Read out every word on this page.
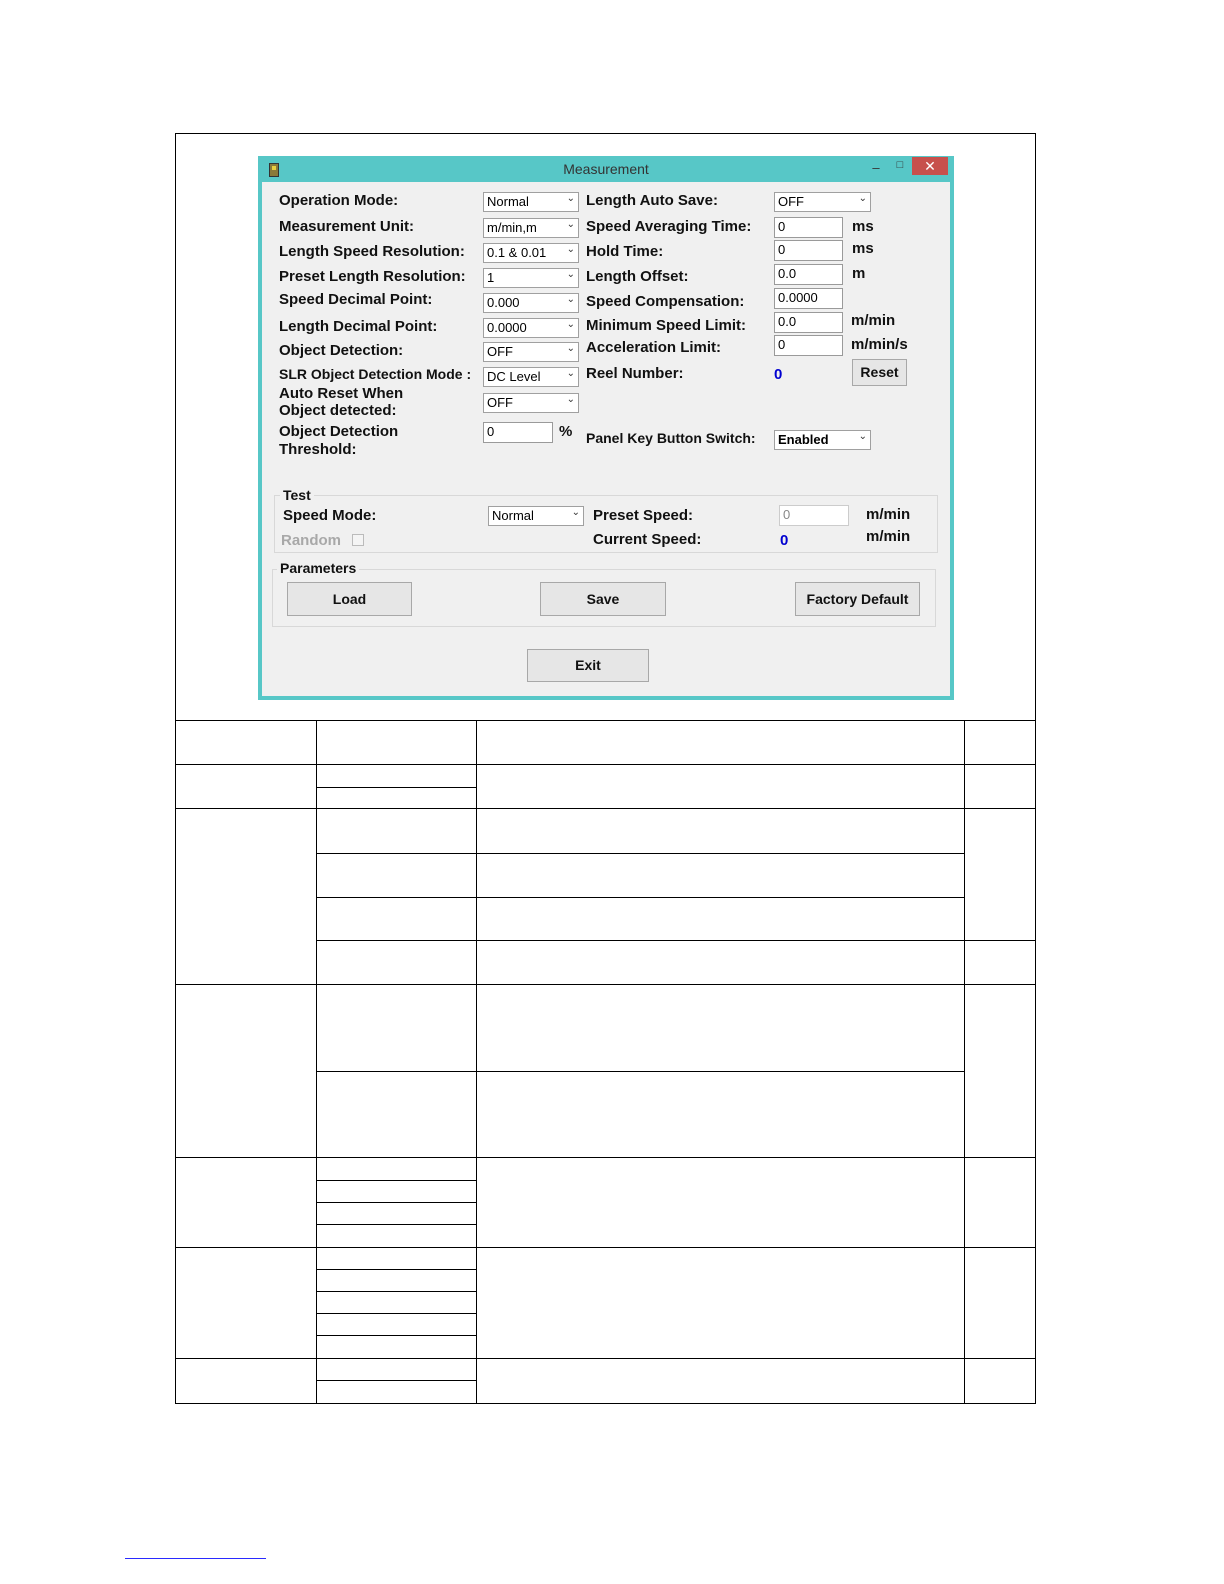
Measurement	–	□	✕
Operation Mode:	Normal	⌄
Measurement Unit:	m/min,m	⌄
Length Speed Resolution:	0.1 & 0.01 ⌄
Preset Length Resolution:	1	⌄
Speed Decimal Point:	0.000	⌄
Length Decimal Point:	0.0000	⌄
Object Detection:	OFF	⌄
SLR Object Detection Mode :	DC Level	⌄
Auto Reset When
Object detected:	OFF	⌄
Object Detection
Threshold:
0	%
Length Auto Save:	OFF	⌄
Speed Averaging Time:	0	ms
Hold Time:	0	ms
Length Offset:	0.0	m
Speed Compensation:	0.0000
Minimum Speed Limit:	0.0	m/min
Acceleration Limit:	0	m/min/s
Reel Number:	0	Reset
Panel Key Button Switch:	Enabled	⌄
Test
Speed Mode:	Normal	⌄
Random
Preset Speed:	0	m/min
Current Speed:	0	m/min
Parameters
Load	Save	Factory Default
Exit
